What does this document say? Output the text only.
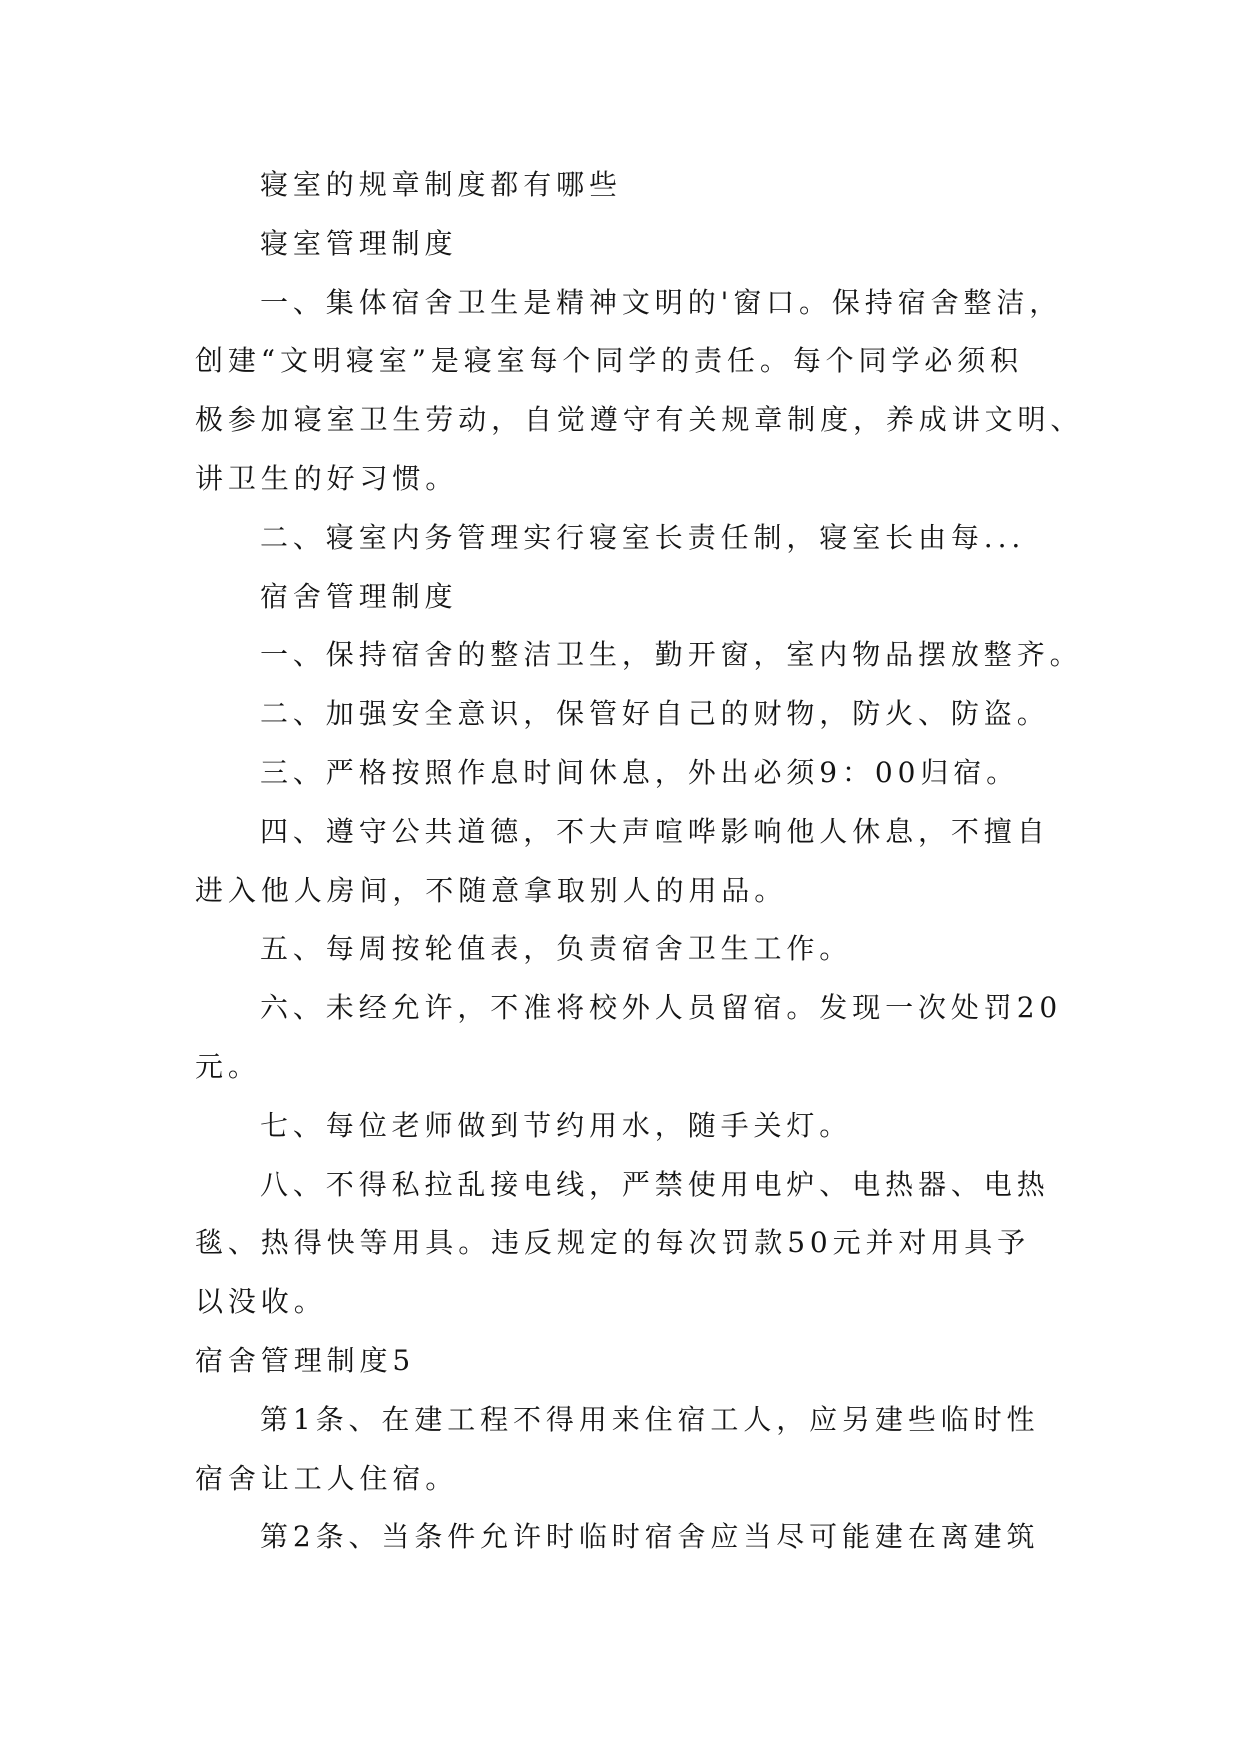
寝室的规章制度都有哪些
寝室管理制度
一、集体宿舍卫生是精神文明的'窗口。保持宿舍整洁，
创建“文明寝室”是寝室每个同学的责任。每个同学必须积
极参加寝室卫生劳动，自觉遵守有关规章制度，养成讲文明、
讲卫生的好习惯。
二、寝室内务管理实行寝室长责任制，寝室长由每...
宿舍管理制度
一、保持宿舍的整洁卫生，勤开窗，室内物品摆放整齐。
二、加强安全意识，保管好自己的财物，防火、防盗。
三、严格按照作息时间休息，外出必须9：00归宿。
四、遵守公共道德，不大声喧哗影响他人休息，不擅自
进入他人房间，不随意拿取别人的用品。
五、每周按轮值表，负责宿舍卫生工作。
六、未经允许，不准将校外人员留宿。发现一次处罚20
元。
七、每位老师做到节约用水，随手关灯。
八、不得私拉乱接电线，严禁使用电炉、电热器、电热
毯、热得快等用具。违反规定的每次罚款50元并对用具予
以没收。
宿舍管理制度5
第1条、在建工程不得用来住宿工人，应另建些临时性
宿舍让工人住宿。
第2条、当条件允许时临时宿舍应当尽可能建在离建筑
